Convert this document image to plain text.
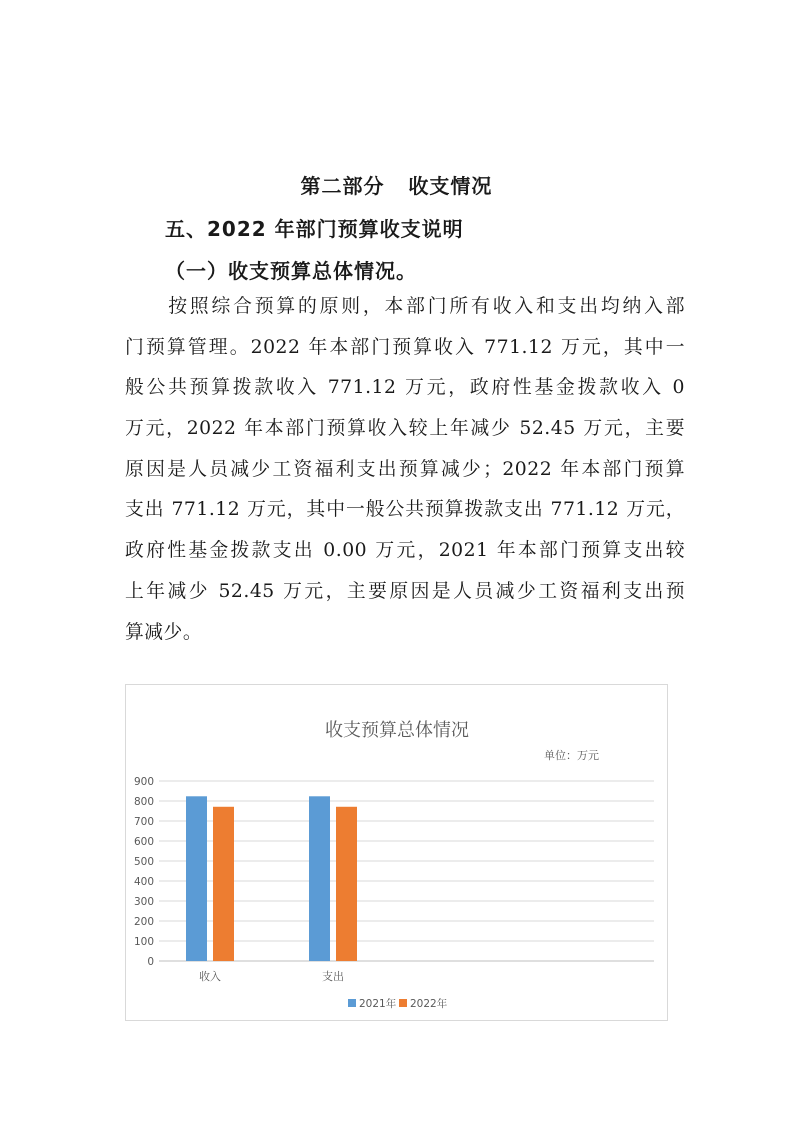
第二部分   收支情况
五、2022 年部门预算收支说明
（一）收支预算总体情况。
　　按照综合预算的原则，本部门所有收入和支出均纳入部
门预算管理。2022 年本部门预算收入 771.12 万元，其中一
般公共预算拨款收入 771.12 万元，政府性基金拨款收入 0
万元，2022 年本部门预算收入较上年减少 52.45 万元，主要
原因是人员减少工资福利支出预算减少；2022 年本部门预算
支出 771.12 万元，其中一般公共预算拨款支出 771.12 万元，
政府性基金拨款支出 0.00 万元，2021 年本部门预算支出较
上年减少 52.45 万元，主要原因是人员减少工资福利支出预
算减少。
收支预算总体情况
单位：万元
0
100
200
300
400
500
600
700
800
900
收入	支出
2021年 2022年
